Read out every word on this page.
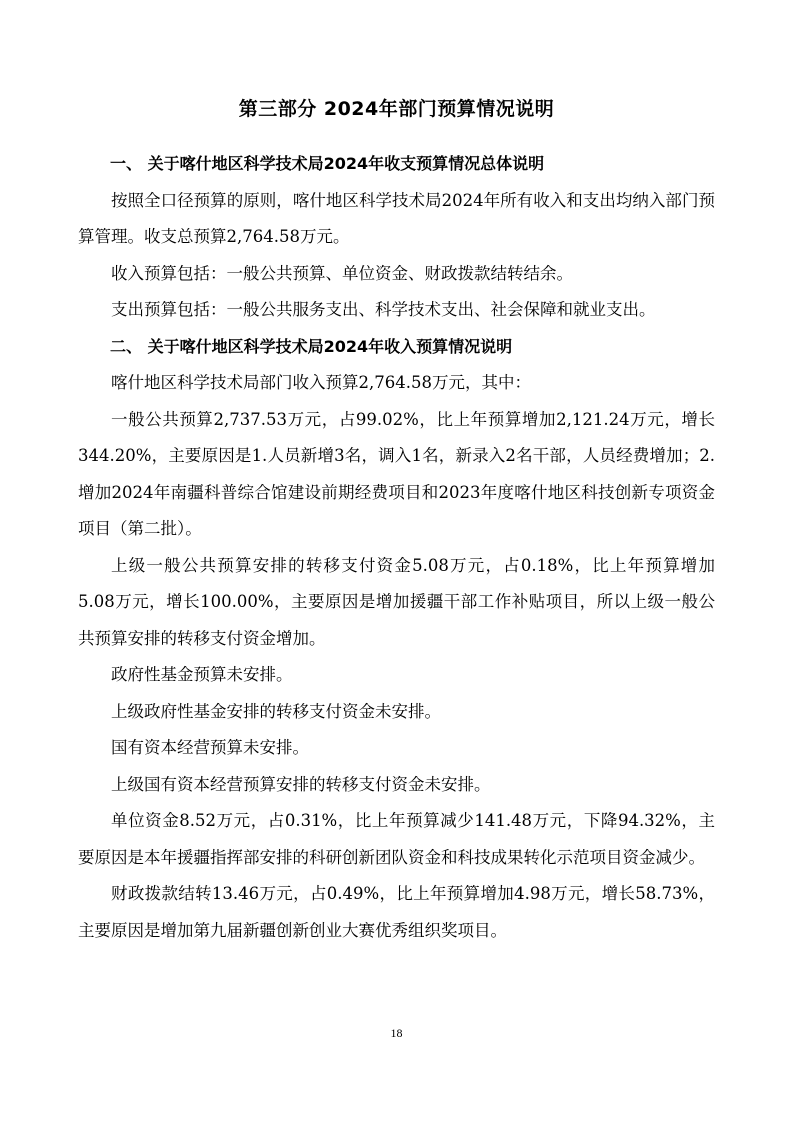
第三部分 2024年部门预算情况说明
一、 关于喀什地区科学技术局2024年收支预算情况总体说明

按照全口径预算的原则，喀什地区科学技术局2024年所有收入和支出均纳入部门预算管理。收支总预算2,764.58万元。

收入预算包括：一般公共预算、单位资金、财政拨款结转结余。

支出预算包括：一般公共服务支出、科学技术支出、社会保障和就业支出。

二、 关于喀什地区科学技术局2024年收入预算情况说明

喀什地区科学技术局部门收入预算2,764.58万元，其中：

一般公共预算2,737.53万元，占99.02%，比上年预算增加2,121.24万元，增长344.20%，主要原因是1.人员新增3名，调入1名，新录入2名干部，人员经费增加；2.增加2024年南疆科普综合馆建设前期经费项目和2023年度喀什地区科技创新专项资金项目（第二批）。

上级一般公共预算安排的转移支付资金5.08万元，占0.18%，比上年预算增加5.08万元，增长100.00%，主要原因是增加援疆干部工作补贴项目，所以上级一般公共预算安排的转移支付资金增加。

政府性基金预算未安排。

上级政府性基金安排的转移支付资金未安排。

国有资本经营预算未安排。

上级国有资本经营预算安排的转移支付资金未安排。

单位资金8.52万元，占0.31%，比上年预算减少141.48万元，下降94.32%，主要原因是本年援疆指挥部安排的科研创新团队资金和科技成果转化示范项目资金减少。

财政拨款结转13.46万元，占0.49%，比上年预算增加4.98万元，增长58.73%，主要原因是增加第九届新疆创新创业大赛优秀组织奖项目。

18
